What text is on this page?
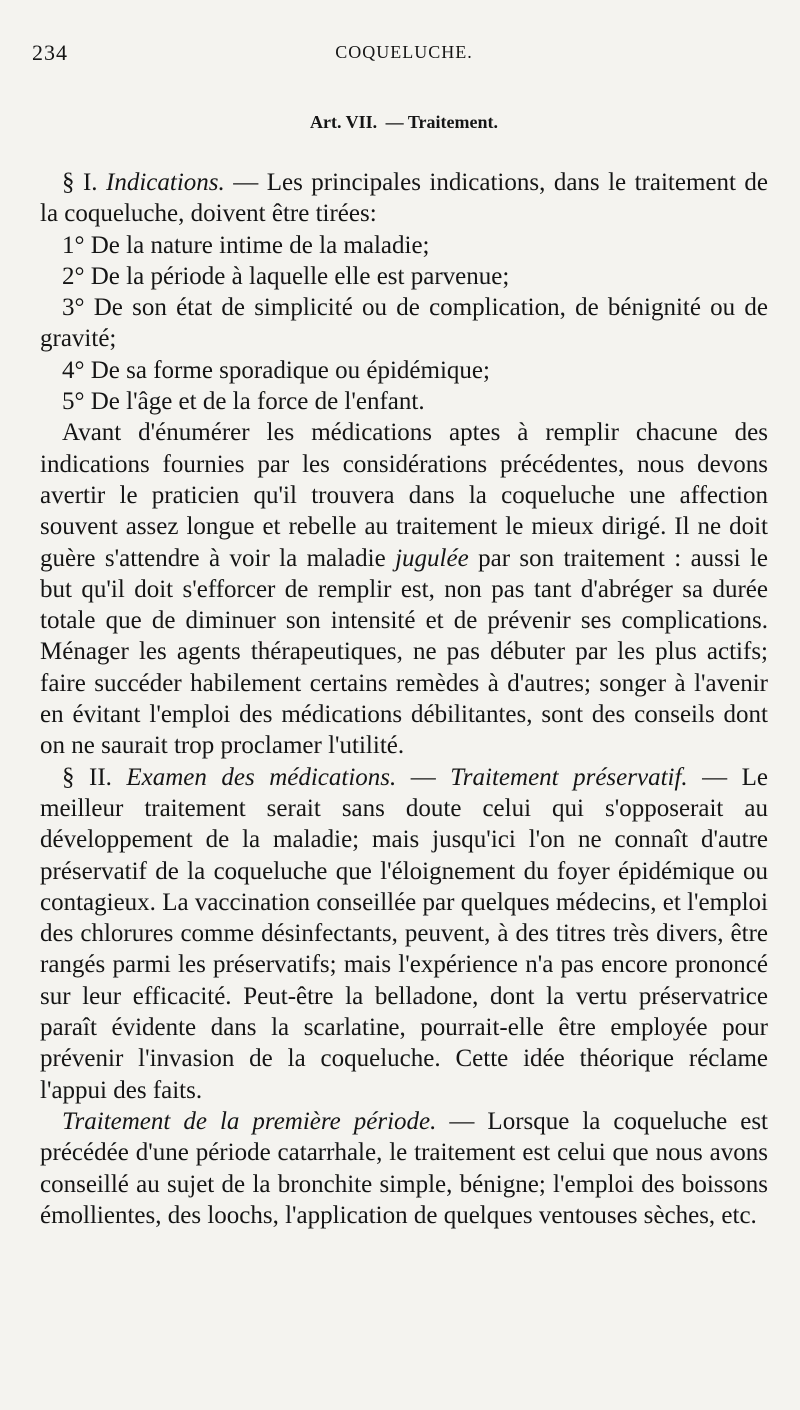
234	COQUELUCHE.
Art. VII. — Traitement.

§ I. Indications. — Les principales indications, dans le traitement de la coqueluche, doivent être tirées:

1° De la nature intime de la maladie;

2° De la période à laquelle elle est parvenue;

3° De son état de simplicité ou de complication, de bénignité ou de gravité;

4° De sa forme sporadique ou épidémique;

5° De l'âge et de la force de l'enfant.

Avant d'énumérer les médications aptes à remplir chacune des indications fournies par les considérations précédentes, nous devons avertir le praticien qu'il trouvera dans la coqueluche une affection souvent assez longue et rebelle au traitement le mieux dirigé. Il ne doit guère s'attendre à voir la maladie jugulée par son traitement : aussi le but qu'il doit s'efforcer de remplir est, non pas tant d'abréger sa durée totale que de diminuer son intensité et de prévenir ses complications. Ménager les agents thérapeutiques, ne pas débuter par les plus actifs; faire succéder habilement certains remèdes à d'autres; songer à l'avenir en évitant l'emploi des médications débilitantes, sont des conseils dont on ne saurait trop proclamer l'utilité.

§ II. Examen des médications. — Traitement préservatif. — Le meilleur traitement serait sans doute celui qui s'opposerait au développement de la maladie; mais jusqu'ici l'on ne connaît d'autre préservatif de la coqueluche que l'éloignement du foyer épidémique ou contagieux. La vaccination conseillée par quelques médecins, et l'emploi des chlorures comme désinfectants, peuvent, à des titres très divers, être rangés parmi les préservatifs; mais l'expérience n'a pas encore prononcé sur leur efficacité. Peut-être la belladone, dont la vertu préservatrice paraît évidente dans la scarlatine, pourrait-elle être employée pour prévenir l'invasion de la coqueluche. Cette idée théorique réclame l'appui des faits.

Traitement de la première période. — Lorsque la coqueluche est précédée d'une période catarrhale, le traitement est celui que nous avons conseillé au sujet de la bronchite simple, bénigne; l'emploi des boissons émollientes, des loochs, l'application de quelques ventouses sèches, etc.
